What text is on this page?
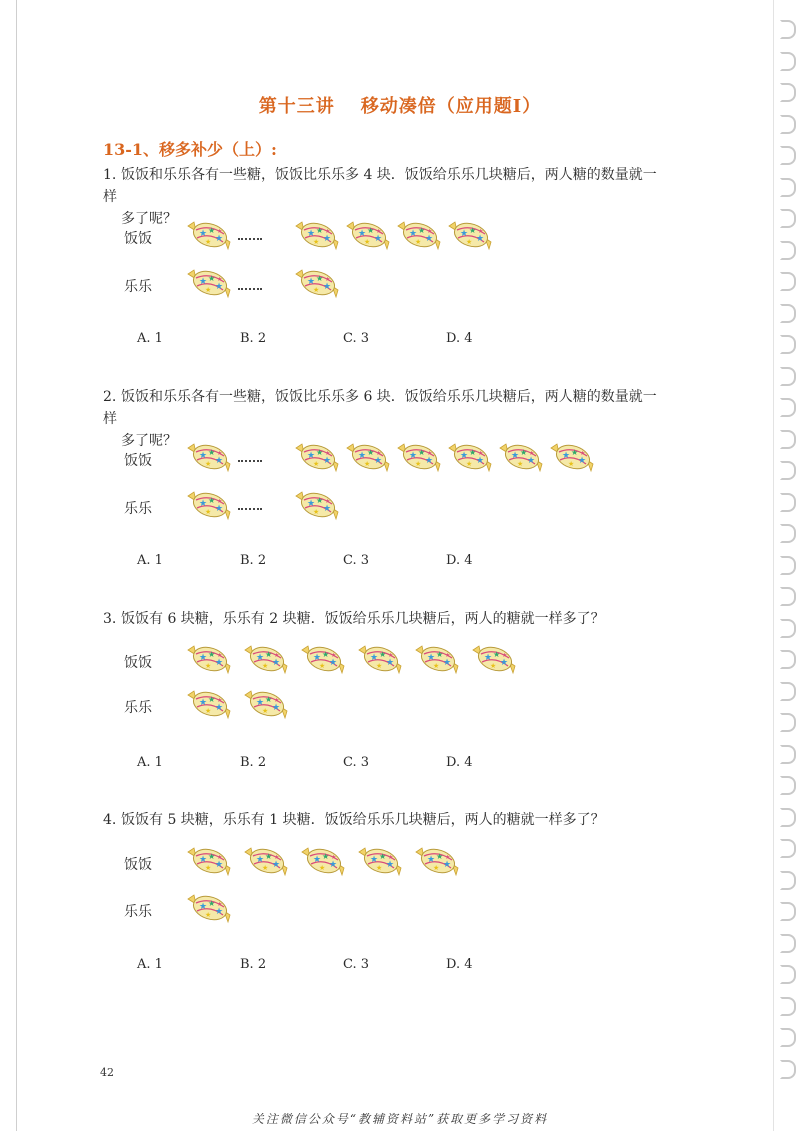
第十三讲 移动凑倍（应用题Ⅰ）
13-1、移多补少（上）:
1. 饭饭和乐乐各有一些糖，饭饭比乐乐多 4 块．饭饭给乐乐几块糖后，两人糖的数量就一样
多了呢？
饭饭
乐乐
A. 1	B. 2	C. 3	D. 4
2. 饭饭和乐乐各有一些糖，饭饭比乐乐多 6 块．饭饭给乐乐几块糖后，两人糖的数量就一样
多了呢？
饭饭
乐乐
A. 1	B. 2	C. 3	D. 4
3. 饭饭有 6 块糖，乐乐有 2 块糖．饭饭给乐乐几块糖后，两人的糖就一样多了？
饭饭
乐乐
A. 1	B. 2	C. 3	D. 4
4. 饭饭有 5 块糖，乐乐有 1 块糖．饭饭给乐乐几块糖后，两人的糖就一样多了？
饭饭
乐乐
A. 1	B. 2	C. 3	D. 4
★ ★
★
★
★	★ ★
★
★
★	★ ★
★
★
★	★ ★
★
★
★	★ ★
★
★
★
★ ★
★
★
★	★ ★
★
★
★
★ ★
★
★
★	★ ★
★
★
★	★ ★
★
★
★	★ ★
★
★
★	★ ★
★
★
★	★ ★
★
★
★	★ ★
★
★
★
★ ★
★
★
★	★ ★
★
★
★
★ ★
★
★
★	★ ★
★
★
★	★ ★
★
★
★	★ ★
★
★
★	★ ★
★
★
★	★ ★
★
★
★
★ ★
★
★
★	★ ★
★
★
★
★ ★
★
★
★	★ ★
★
★
★	★ ★
★
★
★	★ ★
★
★
★	★ ★
★
★
★
★ ★
★
★
★
42
关注微信公众号“教辅资料站”获取更多学习资料
